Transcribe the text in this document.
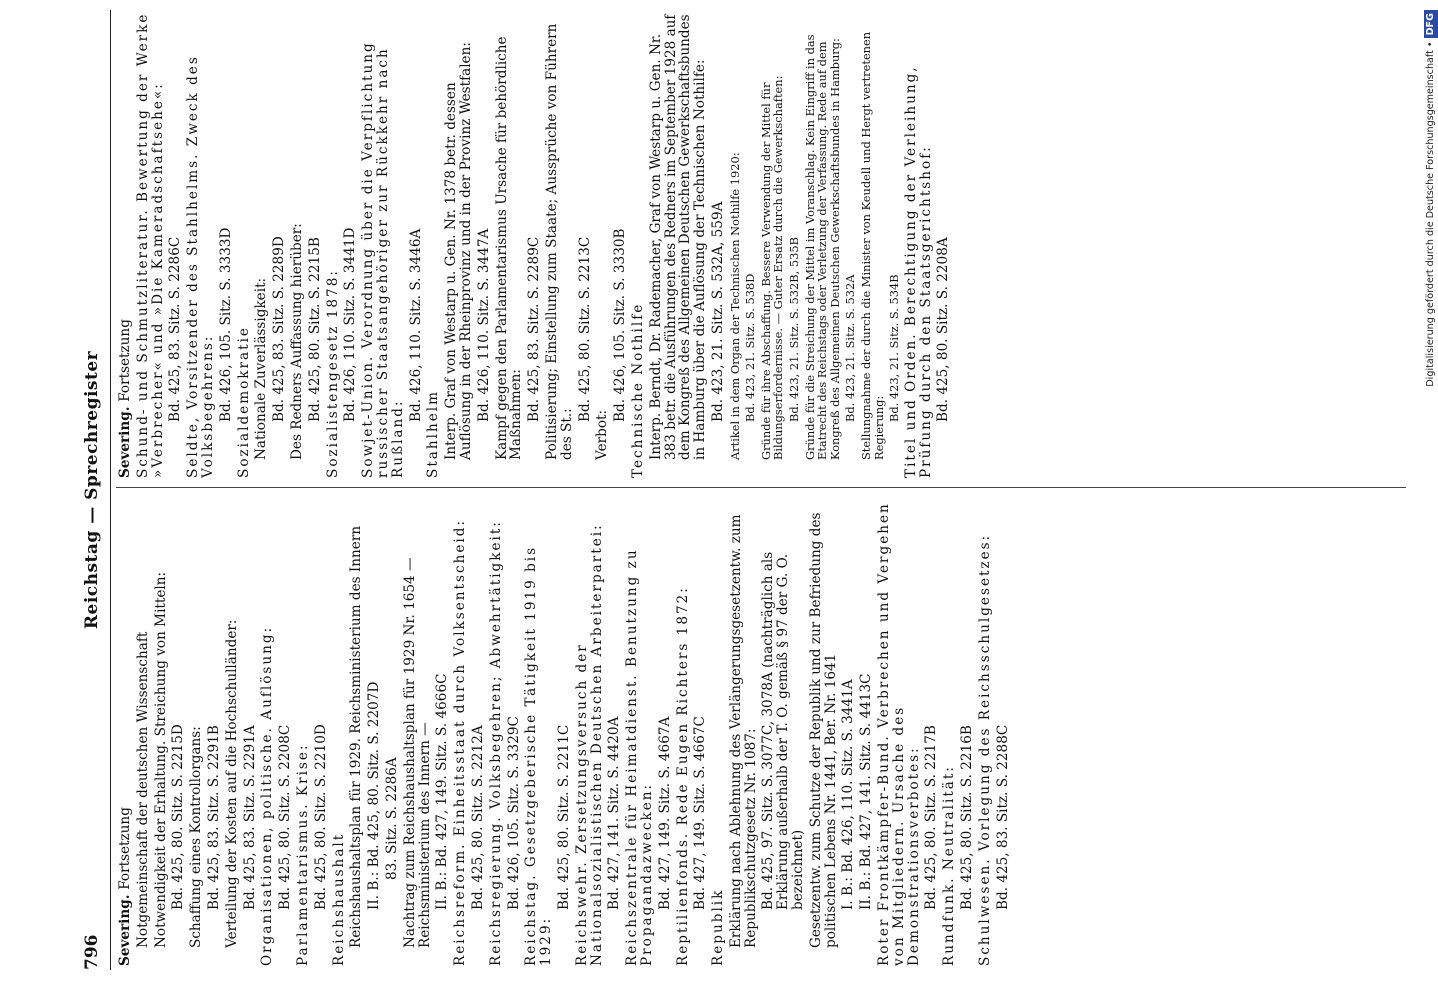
796
Reichstag — Sprechregister
Severing. Fortsetzung Notgemeinschaft der deutschen Wissenschaft Notwendigkeit der Erhaltung. Streichung von Mitteln: Bd. 425, 80. Sitz. S. 2215D Schaffung eines Kontrollorgans: Bd. 425, 83. Sitz. S. 2291B Verteilung der Kosten auf die Hochschulländer: Bd. 425, 83. Sitz. S. 2291A Organisationen, politische. Auflösung: Bd. 425, 80. Sitz. S. 2208C Parlamentarismus. Krise: Bd. 425, 80. Sitz. S. 2210D Reichshaushalt Reichshaushaltsplan für 1929. Reichsministerium des Innern II. B.: Bd. 425, 80. Sitz. S. 2207D 83. Sitz. S. 2286A Nachtrag zum Reichshaushaltsplan für 1929 Nr. 1654 — Reichsministerium des Innern — II. B.: Bd. 427, 149. Sitz. S. 4666C Reichsreform. Einheitsstaat durch Volksentscheid: Bd. 425, 80. Sitz. S. 2212A Reichsregierung. Volksbegehren; Abwehrtätigkeit: Bd. 426, 105. Sitz. S. 3329C Reichstag. Gesetzgeberische Tätigkeit 1919 bis 1929:
Bd. 425, 80. Sitz. S. 2211C Reichswehr. Zersetzungsversuch der Nationalsozialistischen Deutschen Arbeiterpartei: Bd. 427, 141. Sitz. S. 4420A Reichszentrale für Heimatdienst. Benutzung zu Propagandazwecken: Bd. 427, 149. Sitz. S. 4667A Reptilienfonds. Rede Eugen Richters 1872: Bd. 427, 149. Sitz. S. 4667C
Republik Erklärung nach Ablehnung des Verlängerungsgesetzentw. zum Republikschutzgesetz Nr. 1087: Bd. 425, 97. Sitz. S. 3077C, 3078A (nachträglich als Erklärung außerhalb der T. O. gemäß § 97 der G. O. bezeichnet) Gesetzentw. zum Schutze der Republik und zur Befriedung des politischen Lebens Nr. 1441, Ber. Nr. 1641 I. B.: Bd. 426, 110. Sitz. S. 3441A II. B.: Bd. 427, 141. Sitz. S. 4413C Roter Frontkämpfer-Bund. Verbrechen und Vergehen von Mitgliedern. Ursache des Demonstrationsverbotes: Bd. 425, 80. Sitz. S. 2217B Rundfunk. Neutralität: Bd. 425, 80. Sitz. S. 2216B Schulwesen. Vorlegung des Reichsschulgesetzes: Bd. 425, 83. Sitz. S. 2288C
Severing. Fortsetzung Schund- und Schmutzliteratur. Bewertung der Werke »Verbrecher« und »Die Kameradschaftsehe«: Bd. 425, 83. Sitz. S. 2286C Seldte, Vorsitzender des Stahlhelms. Zweck des Volksbegehrens: Bd. 426, 105. Sitz. S. 3333D Sozialdemokratie Nationale Zuverlässigkeit: Bd. 425, 83. Sitz. S. 2289D Des Redners Auffassung hierüber: Bd. 425, 80. Sitz. S. 2215B Sozialistengesetz 1878: Bd. 426, 110. Sitz. S. 3441D Sowjet-Union. Verordnung über die Verpflichtung russischer Staatsangehöriger zur Rückkehr nach Rußland:
Bd. 426, 110. Sitz. S. 3446A
Stahlhelm Interp. Graf von Westarp u. Gen. Nr. 1378 betr. dessen Auflösung in der Rheinprovinz und in der Provinz Westfalen: Bd. 426, 110. Sitz. S. 3447A Kampf gegen den Parlamentarismus Ursache für behördliche Maßnahmen: Bd. 425, 83. Sitz. S. 2289C Politisierung; Einstellung zum Staate; Aussprüche von Führern des St.:
Bd. 425, 80. Sitz. S. 2213C
Verbot:
Bd. 426, 105. Sitz. S. 3330B Technische Nothilfe Interp. Berndt, Dr. Rademacher, Graf von Westarp u. Gen. Nr. 383 betr. die Ausführungen des Redners im September 1928 auf dem Kongreß des Allgemeinen Deutschen Gewerkschaftsbundes in Hamburg über die Auflösung der Technischen Nothilfe: Bd. 423, 21. Sitz. S. 532A, 559A Artikel in dem Organ der Technischen Nothilfe 1920: Bd. 423, 21. Sitz. S. 538D Gründe für ihre Abschaffung. Bessere Verwendung der Mittel für Bildungserfordernisse. — Guter Ersatz durch die Gewerkschaften: Bd. 423, 21. Sitz. S. 532B, 535B Gründe für die Streichung der Mittel im Voranschlag. Kein Eingriff in das Etatrecht des Reichstags oder Verletzung der Verfassung. Rede auf dem Kongreß des Allgemeinen Deutschen Gewerkschaftsbundes in Hamburg: Bd. 423, 21. Sitz. S. 532A Stellungnahme der durch die Minister von Keudell und Hergt vertretenen Regierung:
Bd. 423, 21. Sitz. S. 534B Titel und Orden. Berechtigung der Verleihung, Prüfung durch den Staatsgerichtshof: Bd. 425, 80. Sitz. S. 2208A	Digitalisierung gefördert durch die Deutsche Forschungsgemeinschaft •DFG
